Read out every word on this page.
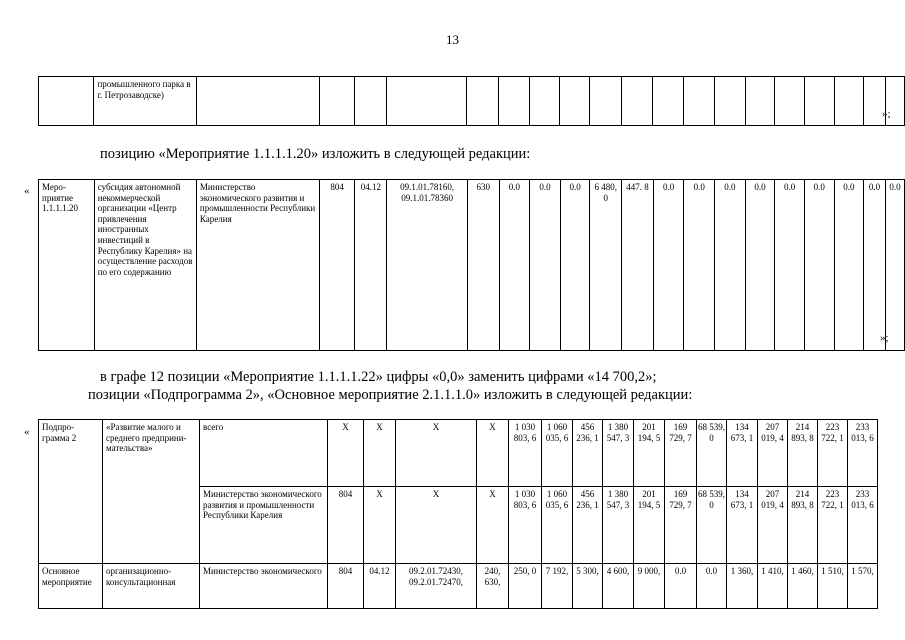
13
	промышленного парка в г. Петрозаводске)																			
»;
позицию «Мероприятие 1.1.1.1.20» изложить в следующей редакции:
« Меро-приятие 1.1.1.1.20	субсидия автономной некоммерческой организации «Центр привлечения иностранных инвестиций в Республику Карелия» на осуществление расходов по его содержанию	Министерство экономического развития и промышленности Республики Карелия	804	04.12	09.1.01.78160, 09.1.01.78360	630	0.0	0.0	0.0	6 480, 0	447. 8	0.0	0.0	0.0	0.0	0.0	0.0	0.0	0.0	0.0
»;
в графе 12 позиции «Мероприятие 1.1.1.1.22» цифры «0,0» заменить цифрами «14 700,2»;
позиции «Подпрограмма 2», «Основное мероприятие 2.1.1.1.0» изложить в следующей редакции:
« Подпро-грамма 2	«Развитие малого и среднего предприни-мательства»	всего	X	X	X	X	1 030 803, 6	1 060 035, 6	456 236, 1	1 380 547, 3	201 194, 5	169 729, 7	68 539, 0	134 673, 1	207 019, 4	214 893, 8	223 722, 1	233 013, 6
		Министерство экономического развития и промышленности Республики Карелия	804	X	X	X	1 030 803, 6	1 060 035, 6	456 236, 1	1 380 547, 3	201 194, 5	169 729, 7	68 539, 0	134 673, 1	207 019, 4	214 893, 8	223 722, 1	233 013, 6
Основное мероприятие	организационно-консультационная	Министерство экономического	804	04.12	09.2.01.72430, 09.2.01.72470,	240, 630,	250, 0	7 192,	5 300,	4 600,	9 000,	0.0	0.0	1 360,	1 410,	1 460,	1 510,	1 570,
